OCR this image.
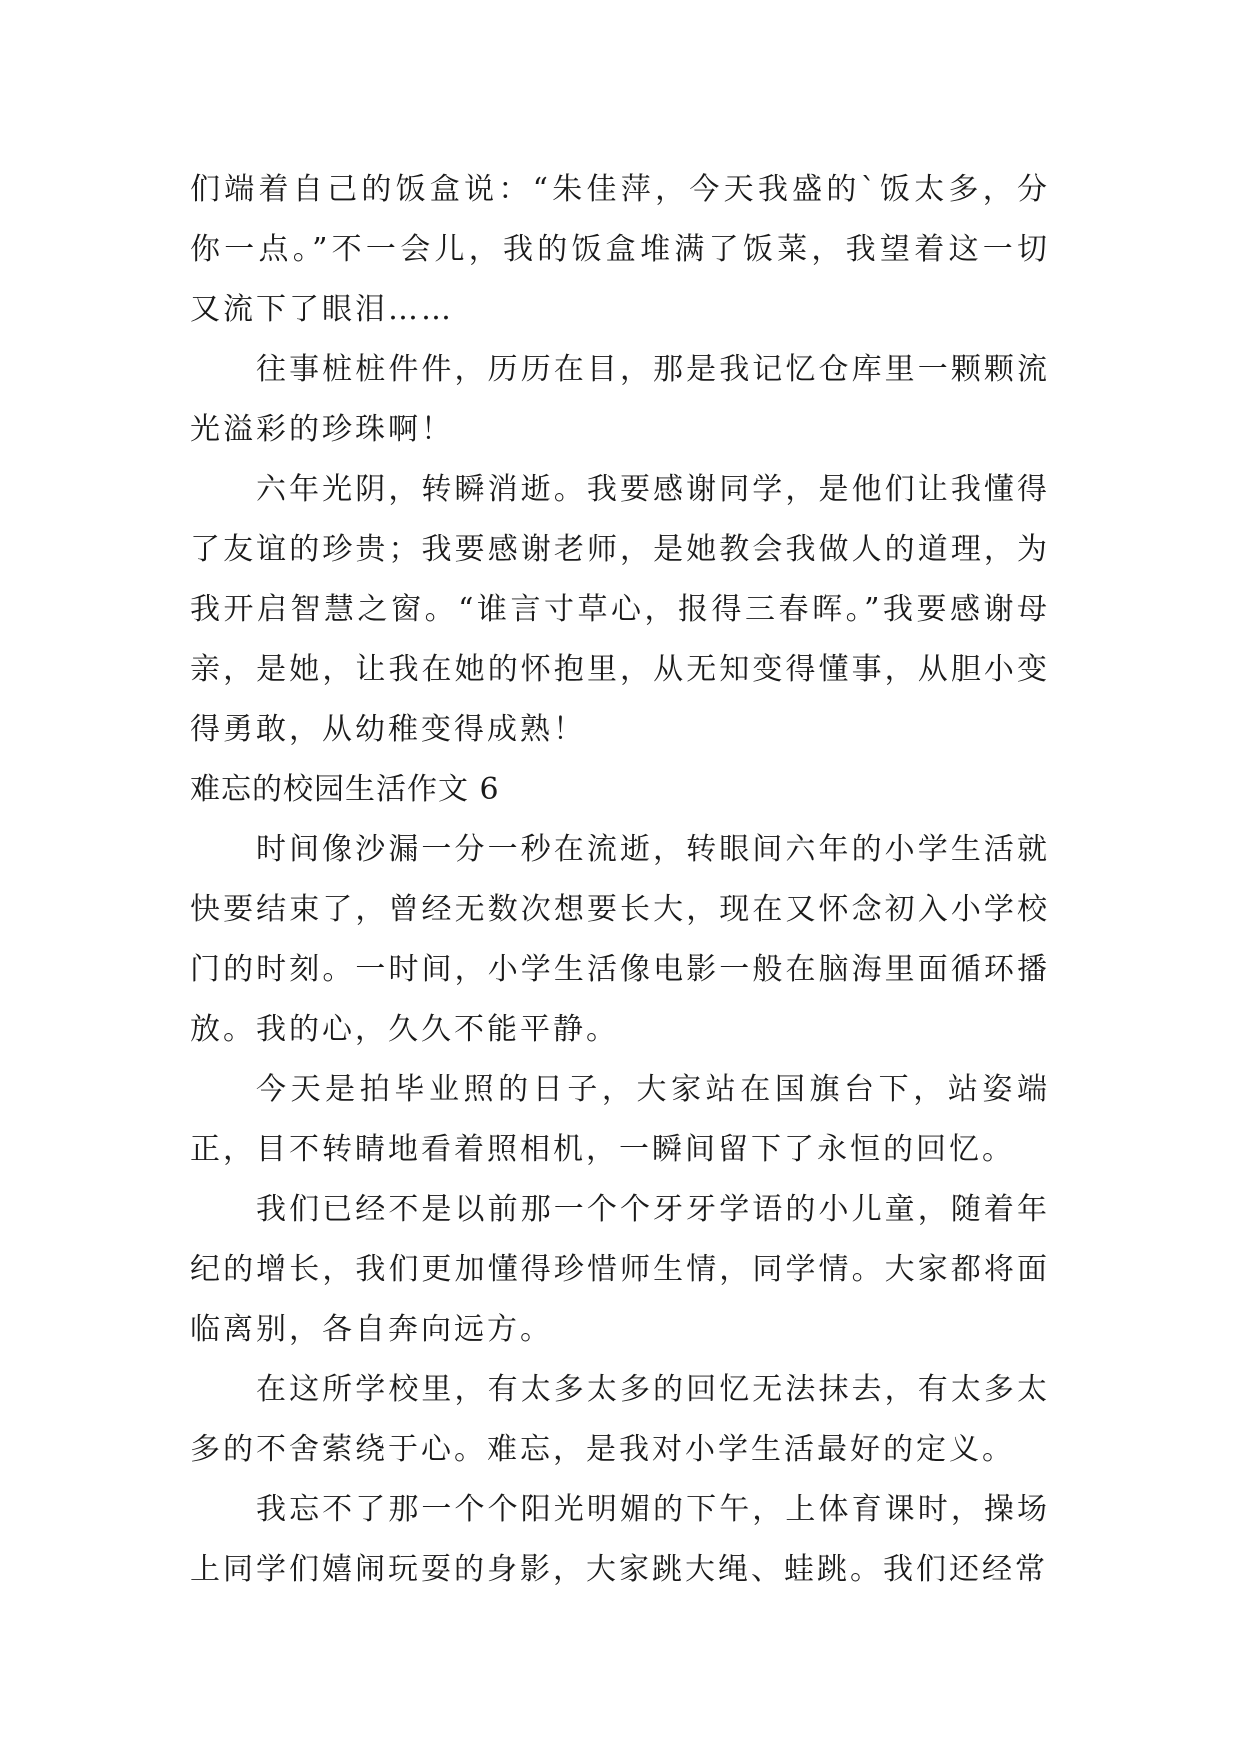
们端着自己的饭盒说：“朱佳萍，今天我盛的`饭太多，分你一点。”不一会儿，我的饭盒堆满了饭菜，我望着这一切又流下了眼泪……

往事桩桩件件，历历在目，那是我记忆仓库里一颗颗流光溢彩的珍珠啊！

六年光阴，转瞬消逝。我要感谢同学，是他们让我懂得了友谊的珍贵；我要感谢老师，是她教会我做人的道理，为我开启智慧之窗。“谁言寸草心，报得三春晖。”我要感谢母亲，是她，让我在她的怀抱里，从无知变得懂事，从胆小变得勇敢，从幼稚变得成熟！

难忘的校园生活作文 6

时间像沙漏一分一秒在流逝，转眼间六年的小学生活就快要结束了，曾经无数次想要长大，现在又怀念初入小学校门的时刻。一时间，小学生活像电影一般在脑海里面循环播放。我的心，久久不能平静。

今天是拍毕业照的日子，大家站在国旗台下，站姿端正，目不转睛地看着照相机，一瞬间留下了永恒的回忆。

我们已经不是以前那一个个牙牙学语的小儿童，随着年纪的增长，我们更加懂得珍惜师生情，同学情。大家都将面临离别，各自奔向远方。

在这所学校里，有太多太多的回忆无法抹去，有太多太多的不舍萦绕于心。难忘，是我对小学生活最好的定义。

我忘不了那一个个阳光明媚的下午，上体育课时，操场上同学们嬉闹玩耍的身影，大家跳大绳、蛙跳。我们还经常
